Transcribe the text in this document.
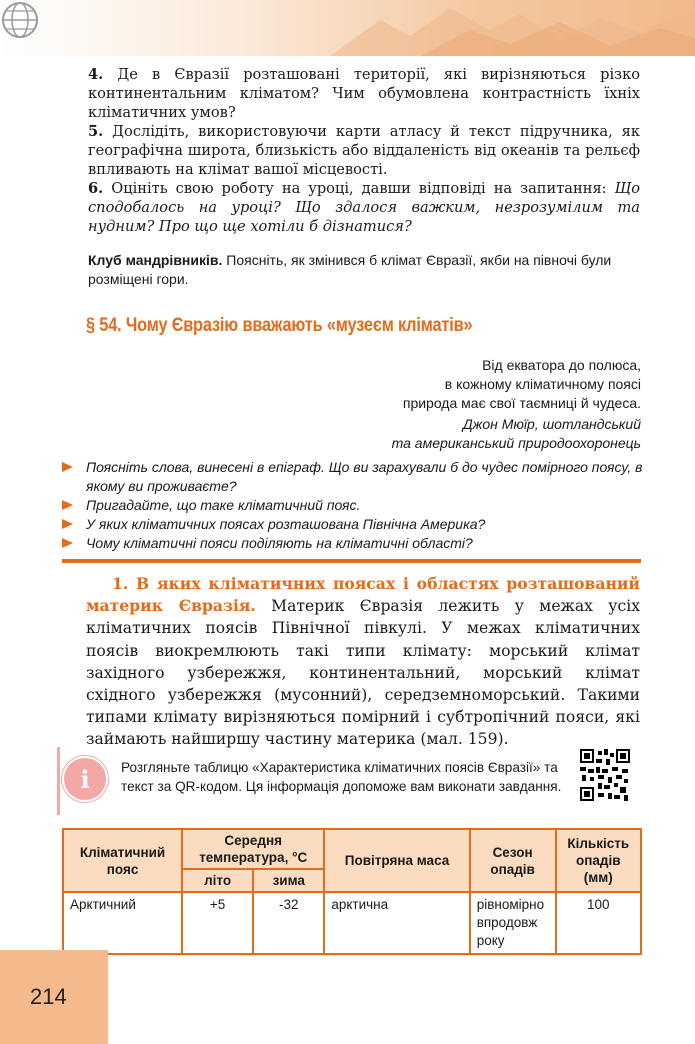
4. Де в Євразії розташовані території, які вирізняються різко континентальним кліматом? Чим обумовлена контрастність їхніх кліматичних умов?
5. Дослідіть, використовуючи карти атласу й текст підручника, як географічна широта, близькість або віддаленість від океанів та рельєф впливають на клімат вашої місцевості.
6. Оцініть свою роботу на уроці, давши відповіді на запитання: Що сподобалось на уроці? Що здалося важким, незрозумілим та нудним? Про що ще хотіли б дізнатися?
Клуб мандрівників. Поясніть, як змінився б клімат Євразії, якби на півночі були розміщені гори.
§ 54. Чому Євразію вважають «музеєм кліматів»
Від екватора до полюса,
в кожному кліматичному поясі
природа має свої таємниці й чудеса.
Джон Мюїр, шотландський
та американський природоохоронець
Поясніть слова, винесені в епіграф. Що ви зарахували б до чудес помірного поясу, в якому ви проживаєте?
Пригадайте, що таке кліматичний пояс.
У яких кліматичних поясах розташована Північна Америка?
Чому кліматичні пояси поділяють на кліматичні області?
1. В яких кліматичних поясах і областях розташований материк Євразія. Материк Євразія лежить у межах усіх кліматичних поясів Північної півкулі. У межах кліматичних поясів виокремлюють такі типи клімату: морський клімат західного узбережжя, континентальний, морський клімат східного узбережжя (мусонний), середземноморський. Такими типами клімату вирізняються помірний і субтропічний пояси, які займають найширшу частину материка (мал. 159).
i Розгляньте таблицю «Характеристика кліматичних поясів Євразії» та текст за QR-кодом. Ця інформація допоможе вам виконати завдання.
Кліматичний пояс	Середня температура, °С		Повітряна маса	Сезон опадів	Кількість опадів (мм)
	літо	зима			
Арктичний	+5	-32	арктична	рівномірно впродовж року	100
214
